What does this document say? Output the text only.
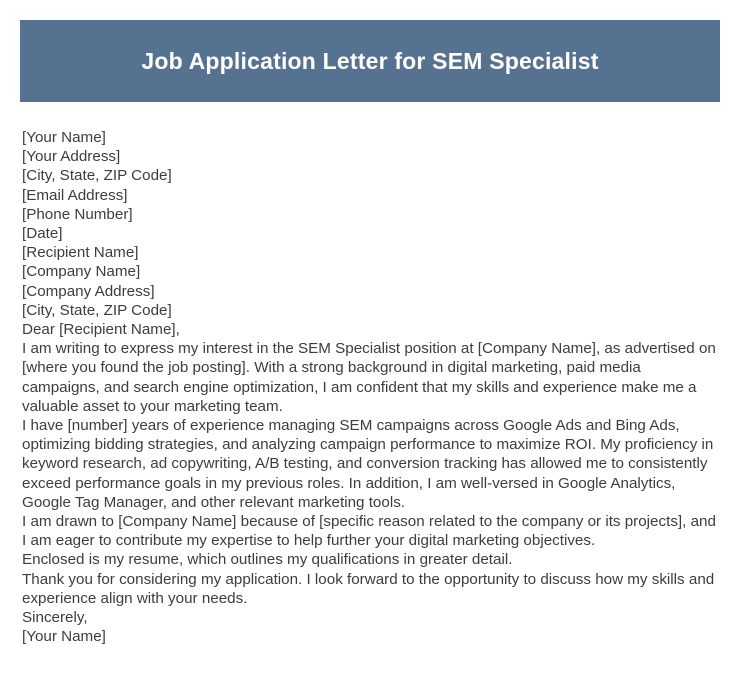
Job Application Letter for SEM Specialist

[Your Name]

[Your Address]

[City, State, ZIP Code]

[Email Address]

[Phone Number]

[Date]

[Recipient Name]

[Company Name]

[Company Address]

[City, State, ZIP Code]

Dear [Recipient Name],

I am writing to express my interest in the SEM Specialist position at [Company Name], as advertised on [where you found the job posting]. With a strong background in digital marketing, paid media campaigns, and search engine optimization, I am confident that my skills and experience make me a valuable asset to your marketing team.

I have [number] years of experience managing SEM campaigns across Google Ads and Bing Ads, optimizing bidding strategies, and analyzing campaign performance to maximize ROI. My proficiency in keyword research, ad copywriting, A/B testing, and conversion tracking has allowed me to consistently exceed performance goals in my previous roles. In addition, I am well-versed in Google Analytics, Google Tag Manager, and other relevant marketing tools.

I am drawn to [Company Name] because of [specific reason related to the company or its projects], and I am eager to contribute my expertise to help further your digital marketing objectives.

Enclosed is my resume, which outlines my qualifications in greater detail.

Thank you for considering my application. I look forward to the opportunity to discuss how my skills and experience align with your needs.

Sincerely,

[Your Name]
